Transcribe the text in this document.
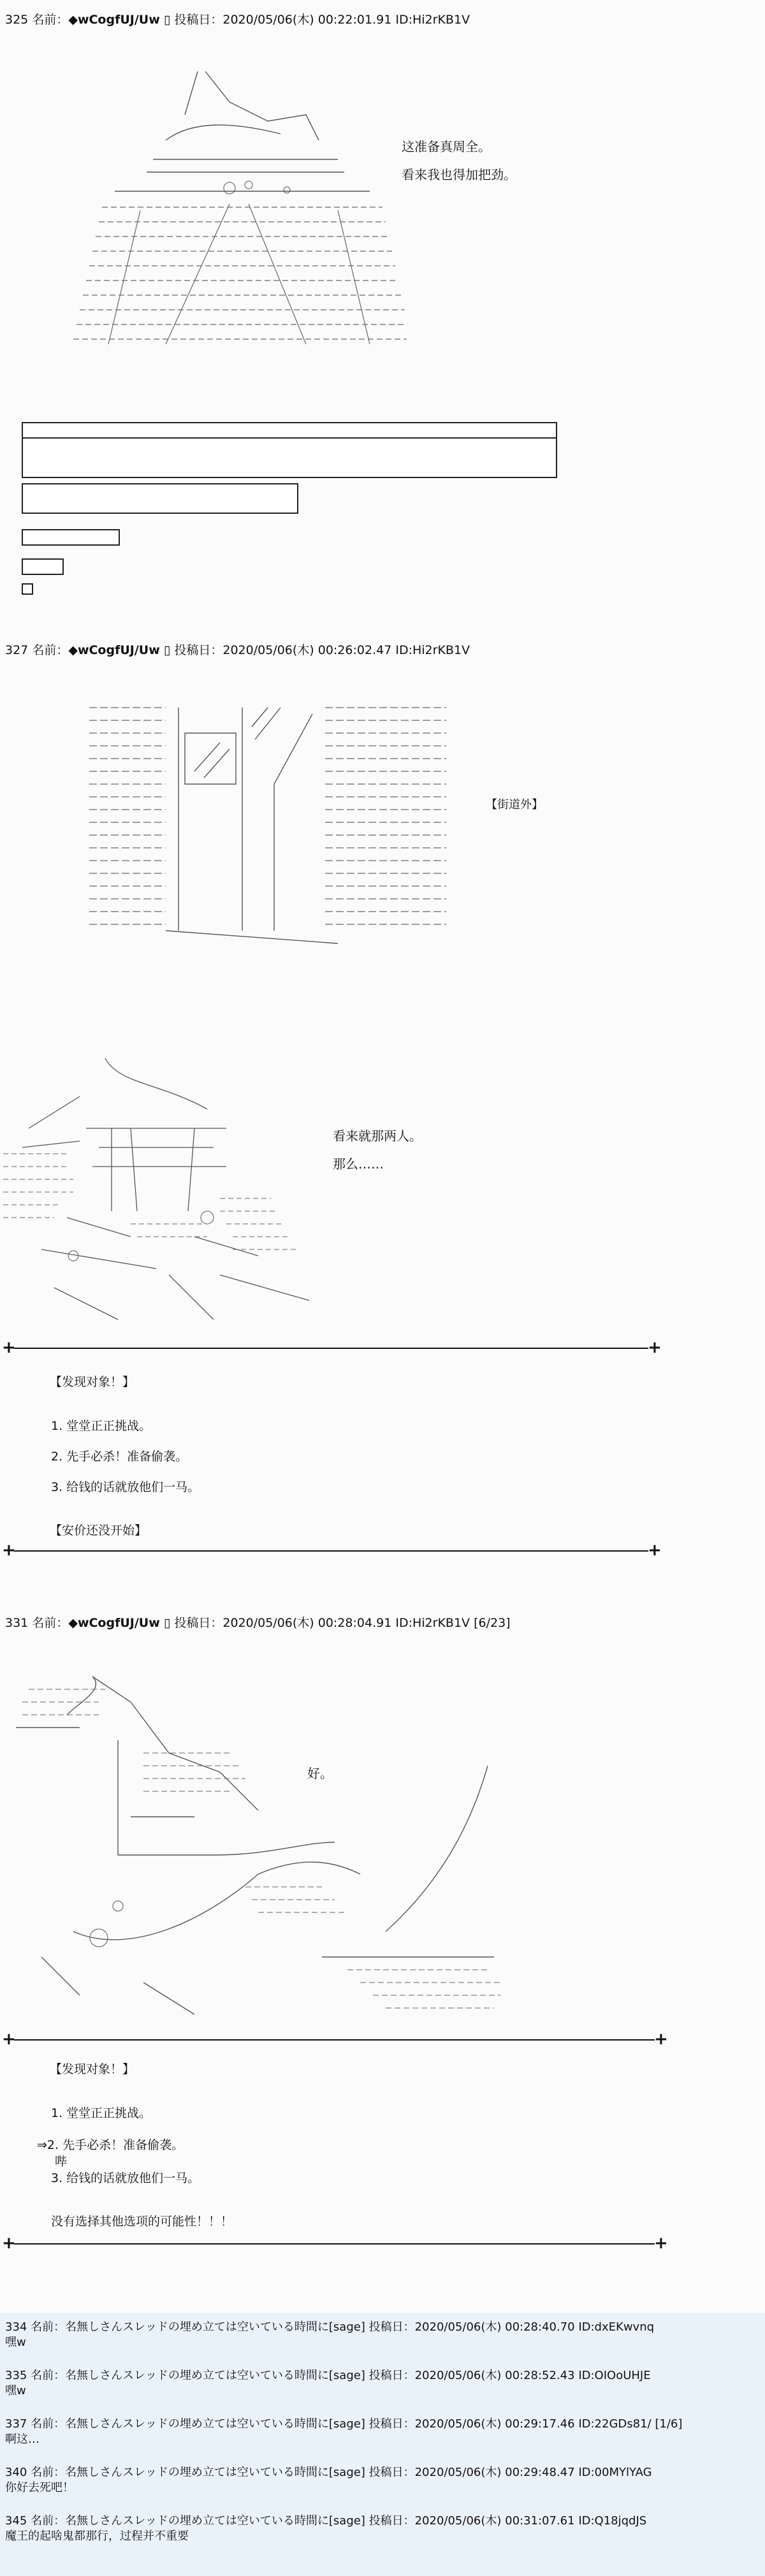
325 名前：◆wCogfUJ/Uw ▯ 投稿日：2020/05/06(木) 00:22:01.91 ID:Hi2rKB1V
这准备真周全。
看来我也得加把劲。
327 名前：◆wCogfUJ/Uw ▯ 投稿日：2020/05/06(木) 00:26:02.47 ID:Hi2rKB1V
【街道外】
看来就那两人。
那么……
+	+
【发现对象！】
1. 堂堂正正挑战。
2. 先手必杀！准备偷袭。
3. 给钱的话就放他们一马。
【安价还没开始】
+	+
331 名前：◆wCogfUJ/Uw ▯ 投稿日：2020/05/06(木) 00:28:04.91 ID:Hi2rKB1V [6/23]
好。
+	+
【发现对象！】
1. 堂堂正正挑战。
⇒2. 先手必杀！准备偷袭。
哔
3. 给钱的话就放他们一马。
没有选择其他选项的可能性！！！
+	+
334 名前：名無しさんスレッドの埋め立ては空いている時間に[sage] 投稿日：2020/05/06(木) 00:28:40.70 ID:dxEKwvnq
嘿w
335 名前：名無しさんスレッドの埋め立ては空いている時間に[sage] 投稿日：2020/05/06(木) 00:28:52.43 ID:OIOoUHJE
嘿w
337 名前：名無しさんスレッドの埋め立ては空いている時間に[sage] 投稿日：2020/05/06(木) 00:29:17.46 ID:22GDs81/ [1/6]
啊这…
340 名前：名無しさんスレッドの埋め立ては空いている時間に[sage] 投稿日：2020/05/06(木) 00:29:48.47 ID:00MYlYAG
你好去死吧！
345 名前：名無しさんスレッドの埋め立ては空いている時間に[sage] 投稿日：2020/05/06(木) 00:31:07.61 ID:Q18jqdJS
魔王的起啥鬼都那行，过程并不重要
